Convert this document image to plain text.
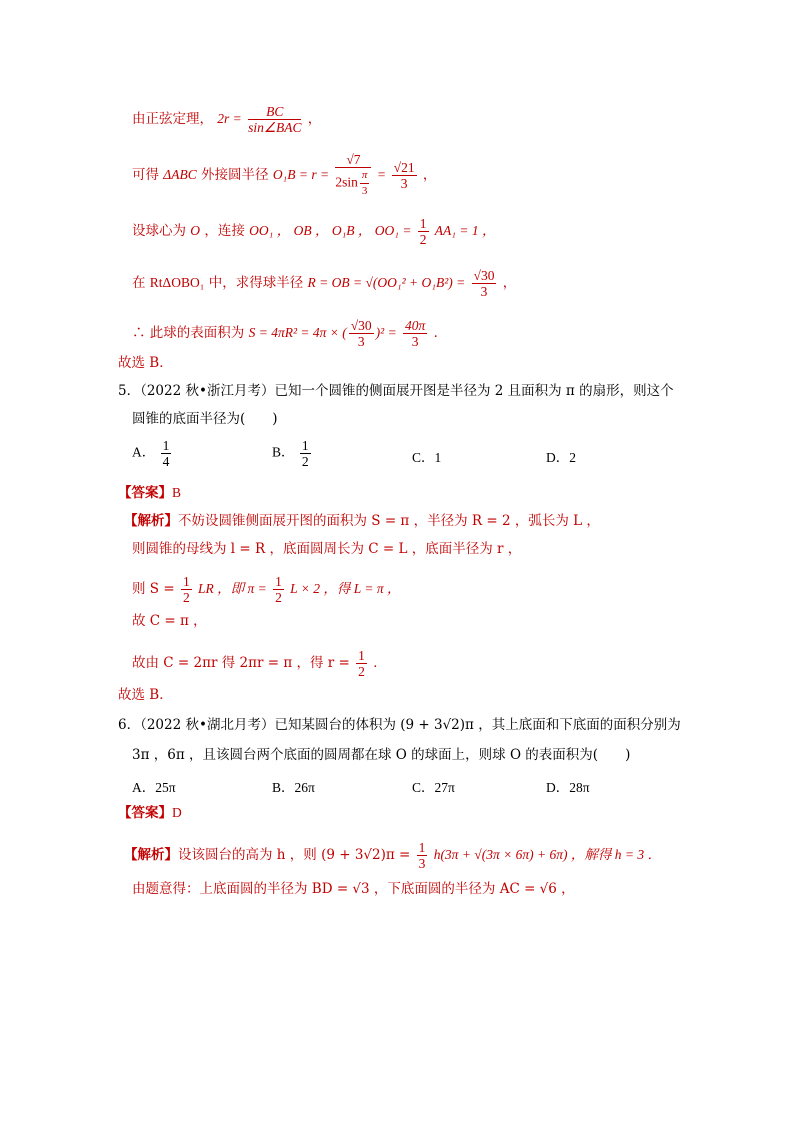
由正弦定理， $2r = \frac{BC}{\text{sin∠BAC}}$ ，
可得 ΔABC 外接圆半径 $O_1B = r = \frac{√7}{2\sin \frac{\pi}{3}} = \frac{√21}{3}$ ，
设球心为 O ，连接 OO₁ ， OB ， O₁B ， $OO_1 = \frac{1}{2} AA_1 = 1$ ，
在 RtΔOBO₁ 中，求得球半径 R = OB = $√(OO_1^2 + O_1B^2) = \frac{√30}{3}$ ，
∴ 此球的表面积为 S = 4πR² = 4π × ( $\frac{√30}{3} )^2 = \frac{40\pi}{3}$ ．
故选 B．
5．（2022 秋•浙江月考）已知一个圆锥的侧面展开图是半径为 2 且面积为 π 的扇形，则这个
圆锥的底面半径为(　　)
A． $\frac{1}{4}$	B． $\frac{1}{2}$	C．1	D．2
【答案】B
【解析】不妨设圆锥侧面展开图的面积为 S = π ，半径为 R = 2 ，弧长为 L ，
则圆锥的母线为 l = R ，底面圆周长为 C = L ，底面半径为 r ，
则 $S = \frac{1}{2}$ LR ，即 $\pi = \frac{1}{2}$ L × 2 ，得 L = π ，
故 C = π ，
故由 C = 2πr 得 2πr = π ，得 $r = \frac{1}{2}$ ．
故选 B．
6．（2022 秋•湖北月考）已知某圆台的体积为 (9 + 3√2)π ，其上底面和下底面的面积分别为
3π ，6π ，且该圆台两个底面的圆周都在球 O 的球面上，则球 O 的表面积为(　　)
A．25π	B．26π	C．27π	D．28π
【答案】D
【解析】设该圆台的高为 h ，则 $(9 + 3√2)\pi = \frac{1}{3} h(3\pi + √(3\pi \times 6\pi) + 6\pi)$ ，解得 h = 3 ．
由题意得：上底面圆的半径为 BD = √3 ，下底面圆的半径为 AC = √6 ，
